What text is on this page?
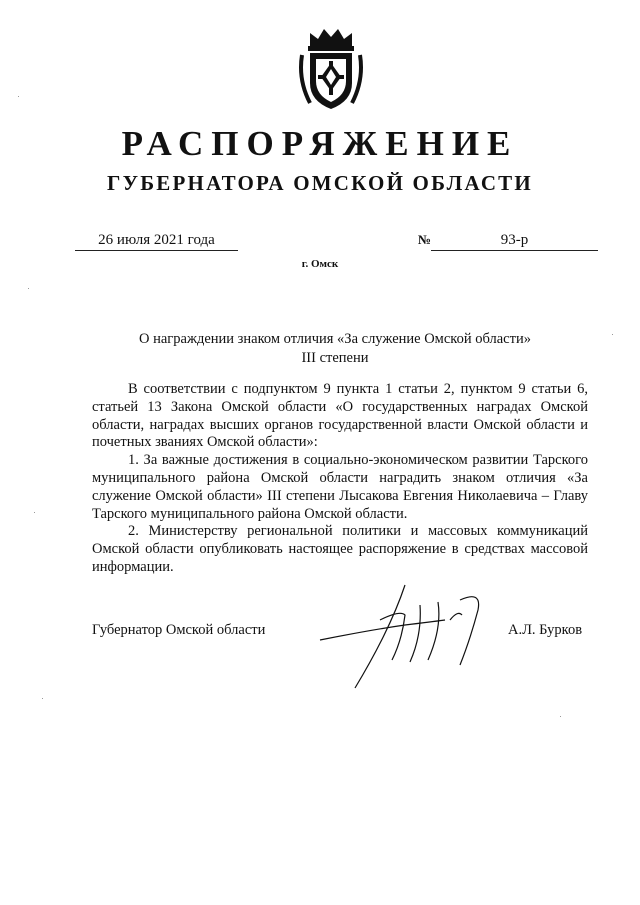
РАСПОРЯЖЕНИЕ
ГУБЕРНАТОРА ОМСКОЙ ОБЛАСТИ
26 июля 2021 года	№	93-р
г. Омск
О награждении знаком отличия «За служение Омской области»
III степени

В соответствии с подпунктом 9 пункта 1 статьи 2, пунктом 9 статьи 6, статьей 13 Закона Омской области «О государственных наградах Омской области, наградах высших органов государственной власти Омской области и почетных званиях Омской области»:

1. За важные достижения в социально-экономическом развитии Тарского муниципального района Омской области наградить знаком отличия «За служение Омской области» III степени Лысакова Евгения Николаевича – Главу Тарского муниципального района Омской области.

2. Министерству региональной политики и массовых коммуникаций Омской области опубликовать настоящее распоряжение в средствах массовой информации.

Губернатор Омской области	А.Л. Бурков
